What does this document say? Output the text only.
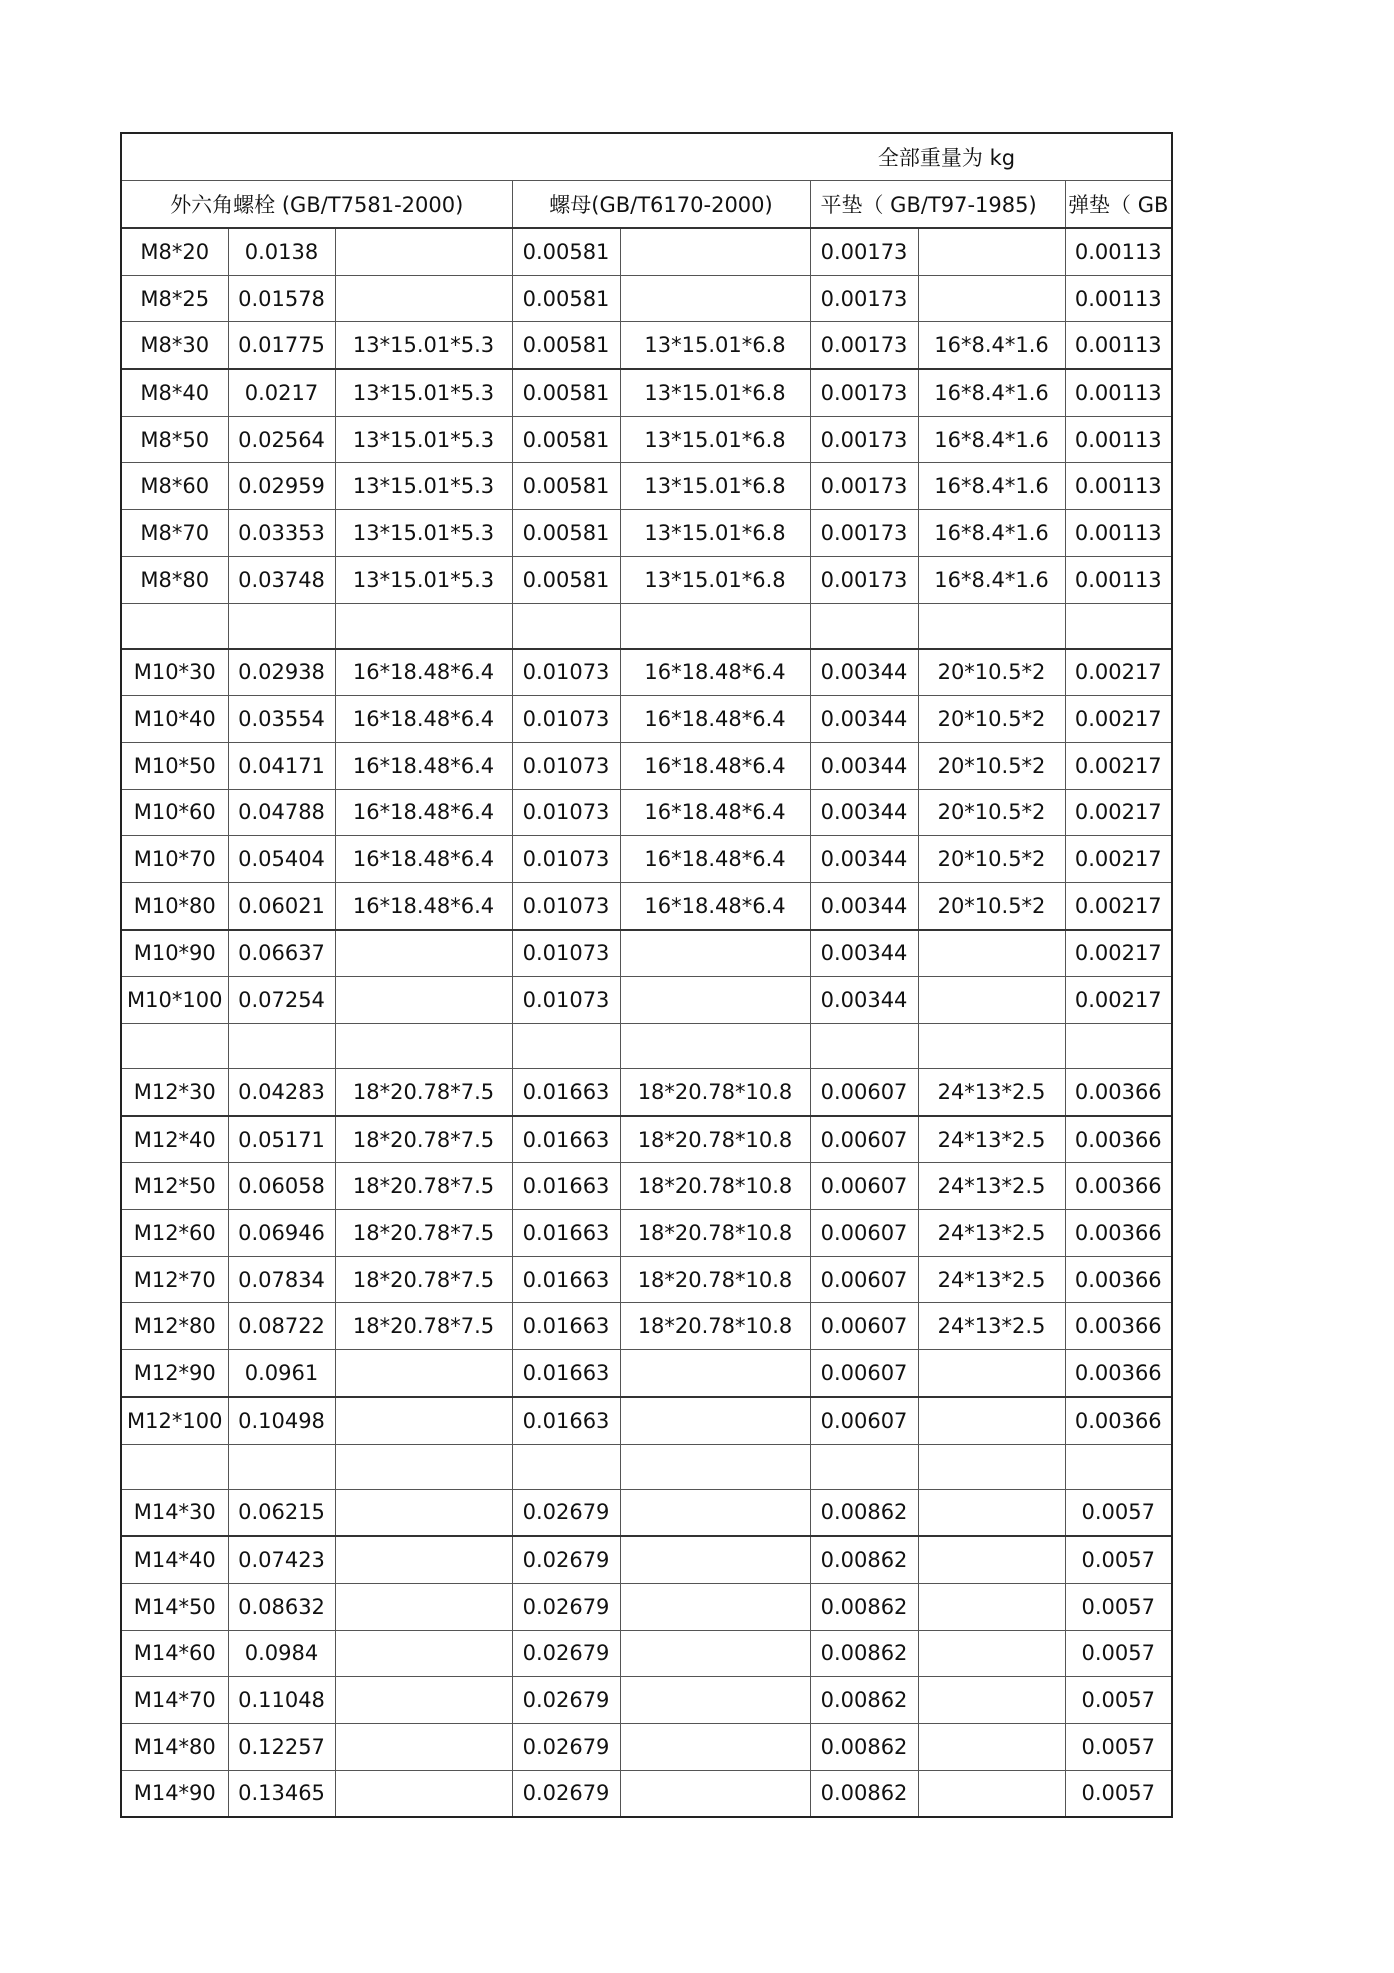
全部重量为 kg							
外六角螺栓 (GB/T7581-2000)			螺母(GB/T6170-2000)		平垫（ GB/T97-1985)		弹垫（ GB
M8*20	0.0138		0.00581		0.00173		0.00113
M8*25	0.01578		0.00581		0.00173		0.00113
M8*30	0.01775	13*15.01*5.3	0.00581	13*15.01*6.8	0.00173	16*8.4*1.6	0.00113
M8*40	0.0217	13*15.01*5.3	0.00581	13*15.01*6.8	0.00173	16*8.4*1.6	0.00113
M8*50	0.02564	13*15.01*5.3	0.00581	13*15.01*6.8	0.00173	16*8.4*1.6	0.00113
M8*60	0.02959	13*15.01*5.3	0.00581	13*15.01*6.8	0.00173	16*8.4*1.6	0.00113
M8*70	0.03353	13*15.01*5.3	0.00581	13*15.01*6.8	0.00173	16*8.4*1.6	0.00113
M8*80	0.03748	13*15.01*5.3	0.00581	13*15.01*6.8	0.00173	16*8.4*1.6	0.00113

M10*30	0.02938	16*18.48*6.4	0.01073	16*18.48*6.4	0.00344	20*10.5*2	0.00217
M10*40	0.03554	16*18.48*6.4	0.01073	16*18.48*6.4	0.00344	20*10.5*2	0.00217
M10*50	0.04171	16*18.48*6.4	0.01073	16*18.48*6.4	0.00344	20*10.5*2	0.00217
M10*60	0.04788	16*18.48*6.4	0.01073	16*18.48*6.4	0.00344	20*10.5*2	0.00217
M10*70	0.05404	16*18.48*6.4	0.01073	16*18.48*6.4	0.00344	20*10.5*2	0.00217
M10*80	0.06021	16*18.48*6.4	0.01073	16*18.48*6.4	0.00344	20*10.5*2	0.00217
M10*90	0.06637		0.01073		0.00344		0.00217
M10*100	0.07254		0.01073		0.00344		0.00217

M12*30	0.04283	18*20.78*7.5	0.01663	18*20.78*10.8	0.00607	24*13*2.5	0.00366
M12*40	0.05171	18*20.78*7.5	0.01663	18*20.78*10.8	0.00607	24*13*2.5	0.00366
M12*50	0.06058	18*20.78*7.5	0.01663	18*20.78*10.8	0.00607	24*13*2.5	0.00366
M12*60	0.06946	18*20.78*7.5	0.01663	18*20.78*10.8	0.00607	24*13*2.5	0.00366
M12*70	0.07834	18*20.78*7.5	0.01663	18*20.78*10.8	0.00607	24*13*2.5	0.00366
M12*80	0.08722	18*20.78*7.5	0.01663	18*20.78*10.8	0.00607	24*13*2.5	0.00366
M12*90	0.0961		0.01663		0.00607		0.00366
M12*100	0.10498		0.01663		0.00607		0.00366

M14*30	0.06215		0.02679		0.00862		0.0057
M14*40	0.07423		0.02679		0.00862		0.0057
M14*50	0.08632		0.02679		0.00862		0.0057
M14*60	0.0984		0.02679		0.00862		0.0057
M14*70	0.11048		0.02679		0.00862		0.0057
M14*80	0.12257		0.02679		0.00862		0.0057
M14*90	0.13465		0.02679		0.00862		0.0057
